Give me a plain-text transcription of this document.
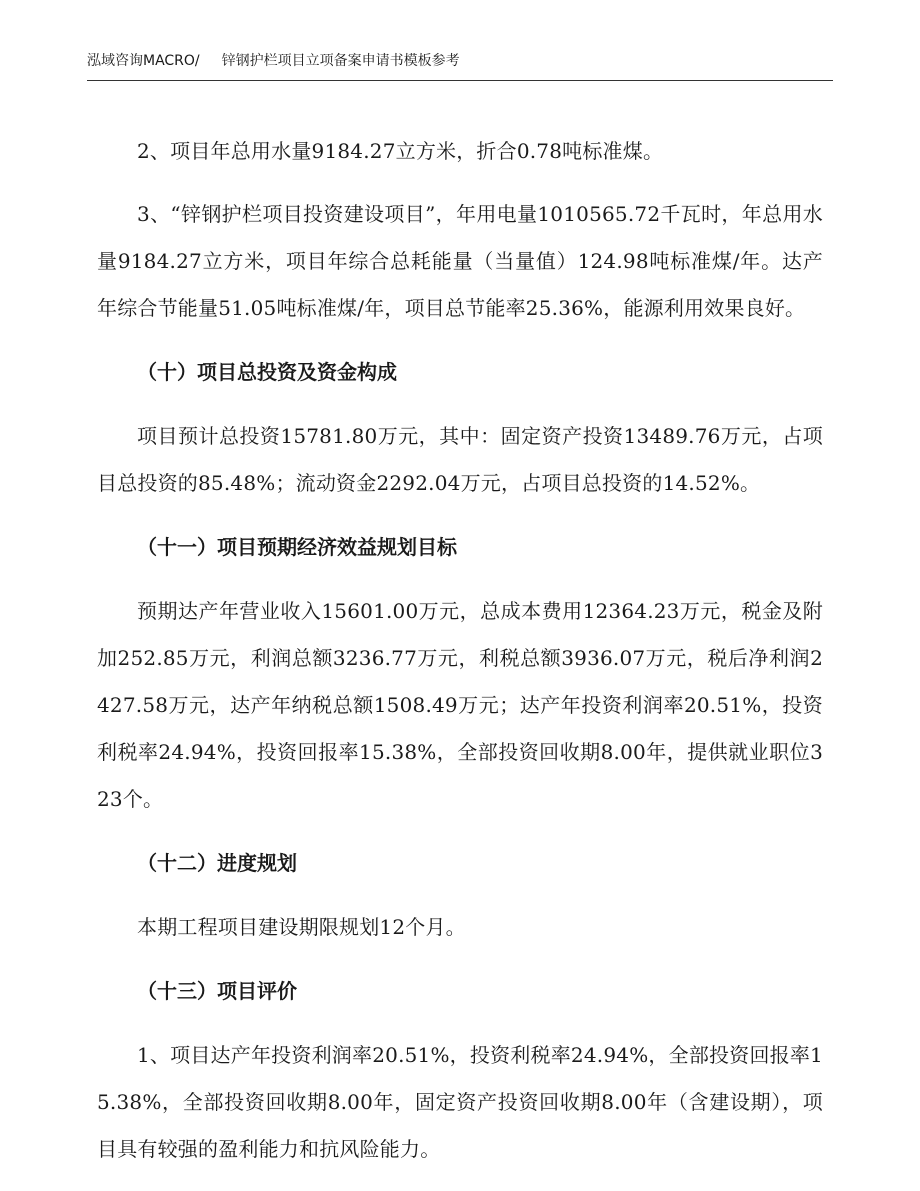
泓域咨询MACRO/ 锌钢护栏项目立项备案申请书模板参考

2、项目年总用水量9184.27立方米，折合0.78吨标准煤。

3、“锌钢护栏项目投资建设项目”，年用电量1010565.72千瓦时，年总用水量9184.27立方米，项目年综合总耗能量（当量值）124.98吨标准煤/年。达产年综合节能量51.05吨标准煤/年，项目总节能率25.36%，能源利用效果良好。

（十）项目总投资及资金构成

项目预计总投资15781.80万元，其中：固定资产投资13489.76万元，占项目总投资的85.48%；流动资金2292.04万元，占项目总投资的14.52%。

（十一）项目预期经济效益规划目标

预期达产年营业收入15601.00万元，总成本费用12364.23万元，税金及附加252.85万元，利润总额3236.77万元，利税总额3936.07万元，税后净利润2427.58万元，达产年纳税总额1508.49万元；达产年投资利润率20.51%，投资利税率24.94%，投资回报率15.38%，全部投资回收期8.00年，提供就业职位323个。

（十二）进度规划

本期工程项目建设期限规划12个月。

（十三）项目评价

1、项目达产年投资利润率20.51%，投资利税率24.94%，全部投资回报率15.38%，全部投资回收期8.00年，固定资产投资回收期8.00年（含建设期），项目具有较强的盈利能力和抗风险能力。
